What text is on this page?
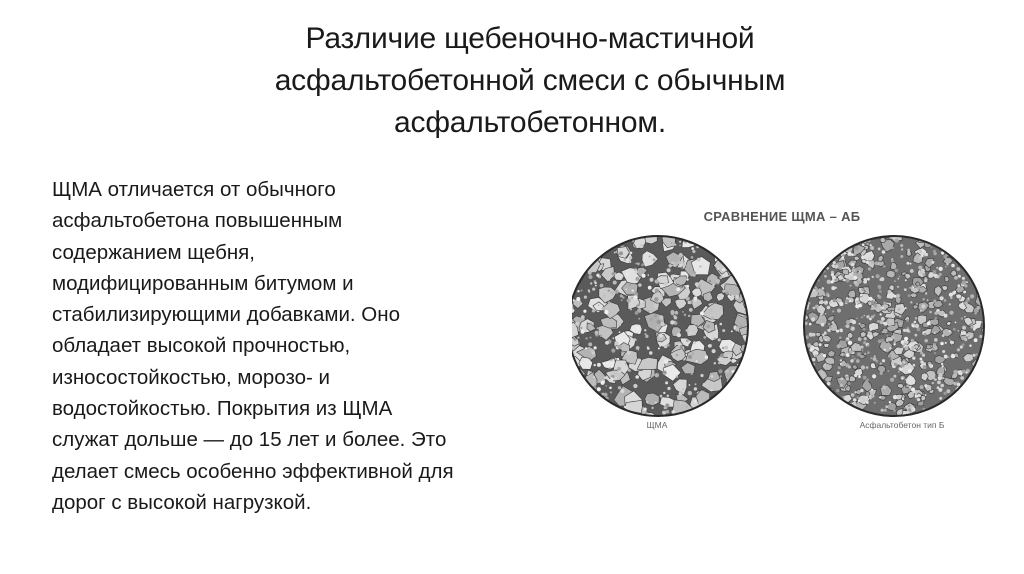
Различие щебеночно-мастичной
асфальтобетонной смеси с обычным
асфальтобетонном.
ЩМА отличается от обычного
асфальтобетона повышенным
содержанием щебня,
модифицированным битумом и
стабилизирующими добавками. Оно
обладает высокой прочностью,
износостойкостью, морозо- и
водостойкостью. Покрытия из ЩМА
служат дольше — до 15 лет и более. Это
делает смесь особенно эффективной для
дорог с высокой нагрузкой.
СРАВНЕНИЕ ЩМА – АБ
ЩМА	Асфальтобетон тип Б
